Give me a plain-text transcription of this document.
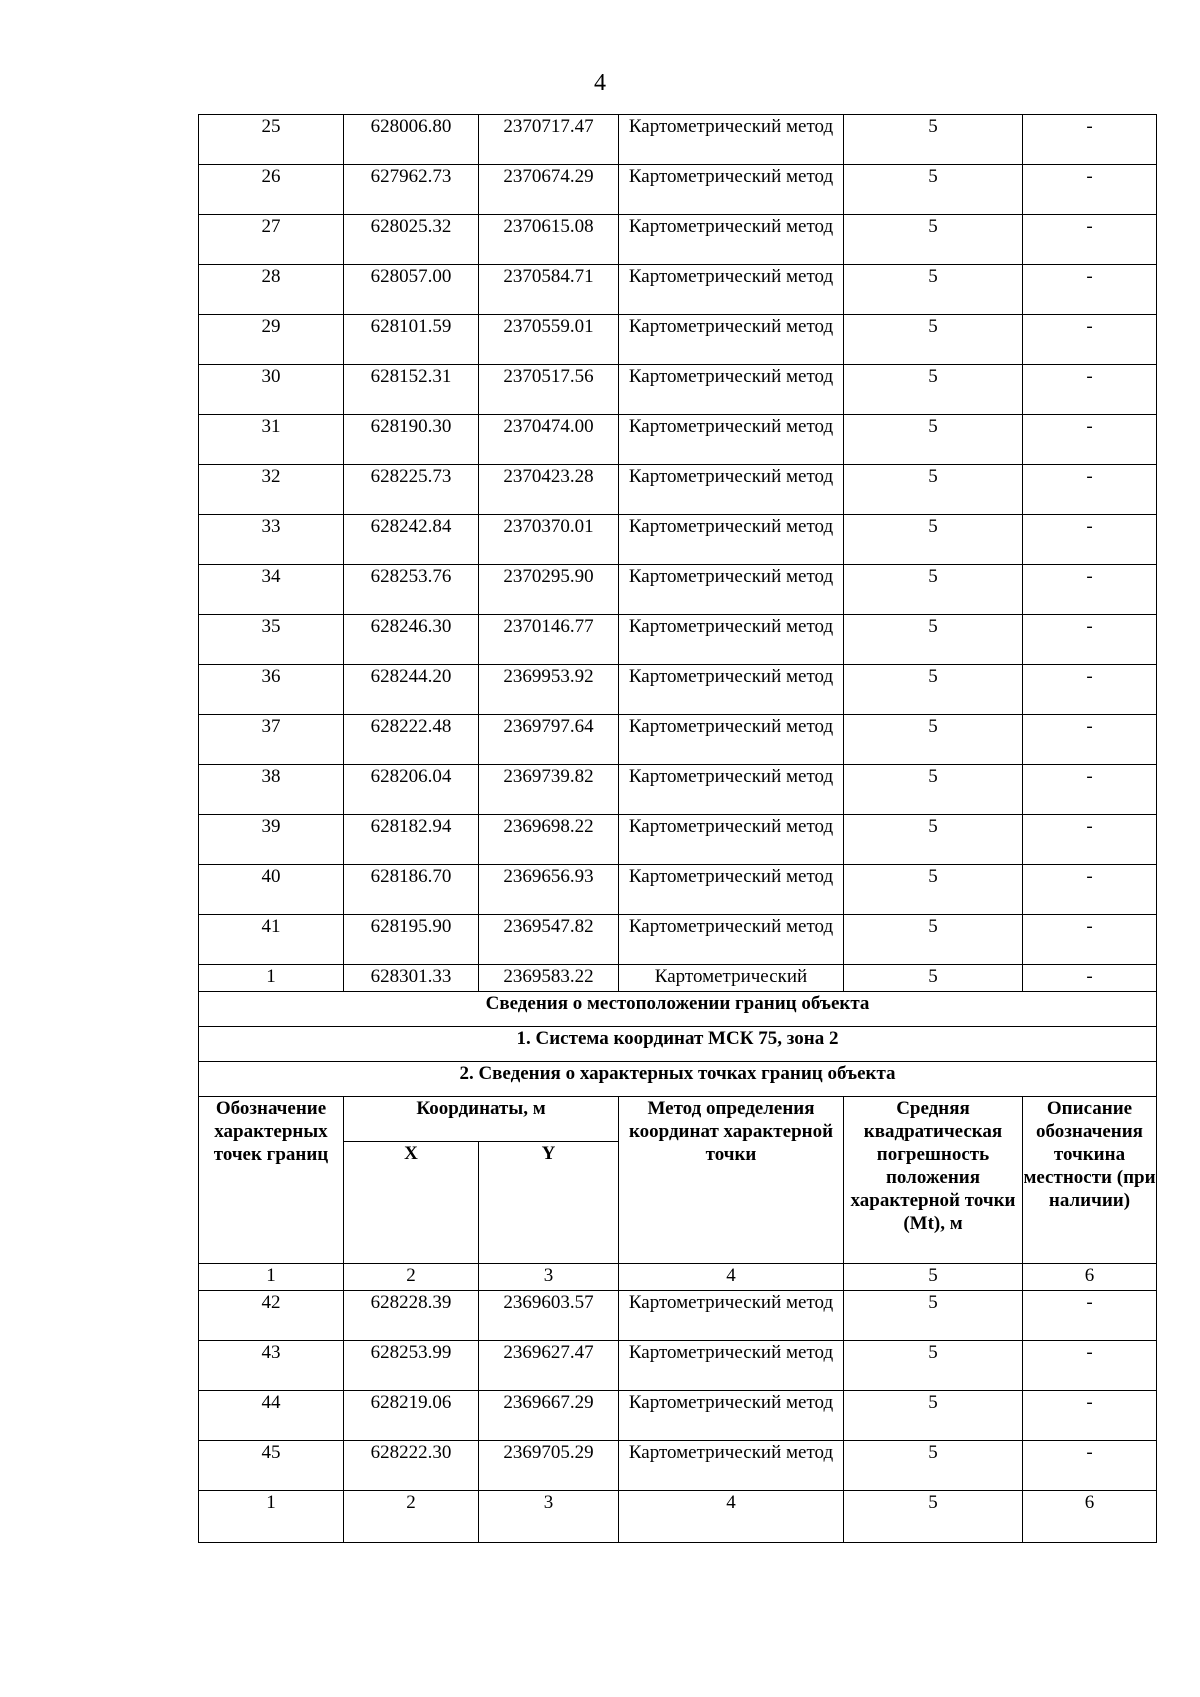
4
25	628006.80	2370717.47	Картометрический метод	5	-
26	627962.73	2370674.29	Картометрический метод	5	-
27	628025.32	2370615.08	Картометрический метод	5	-
28	628057.00	2370584.71	Картометрический метод	5	-
29	628101.59	2370559.01	Картометрический метод	5	-
30	628152.31	2370517.56	Картометрический метод	5	-
31	628190.30	2370474.00	Картометрический метод	5	-
32	628225.73	2370423.28	Картометрический метод	5	-
33	628242.84	2370370.01	Картометрический метод	5	-
34	628253.76	2370295.90	Картометрический метод	5	-
35	628246.30	2370146.77	Картометрический метод	5	-
36	628244.20	2369953.92	Картометрический метод	5	-
37	628222.48	2369797.64	Картометрический метод	5	-
38	628206.04	2369739.82	Картометрический метод	5	-
39	628182.94	2369698.22	Картометрический метод	5	-
40	628186.70	2369656.93	Картометрический метод	5	-
41	628195.90	2369547.82	Картометрический метод	5	-
1	628301.33	2369583.22	Картометрический	5	-
Сведения о местоположении границ объекта					
1. Система координат МСК 75, зона 2					
2. Сведения о характерных точках границ объекта					
Обозначение характерных точек границ	Координаты, м		Метод определения координат характерной точки	Средняя квадратическая погрешность положения характерной точки (Mt), м	Описание обозначения точкина местности (при наличии)
	X	Y			
1	2	3	4	5	6
42	628228.39	2369603.57	Картометрический метод	5	-
43	628253.99	2369627.47	Картометрический метод	5	-
44	628219.06	2369667.29	Картометрический метод	5	-
45	628222.30	2369705.29	Картометрический метод	5	-
1	2	3	4	5	6
